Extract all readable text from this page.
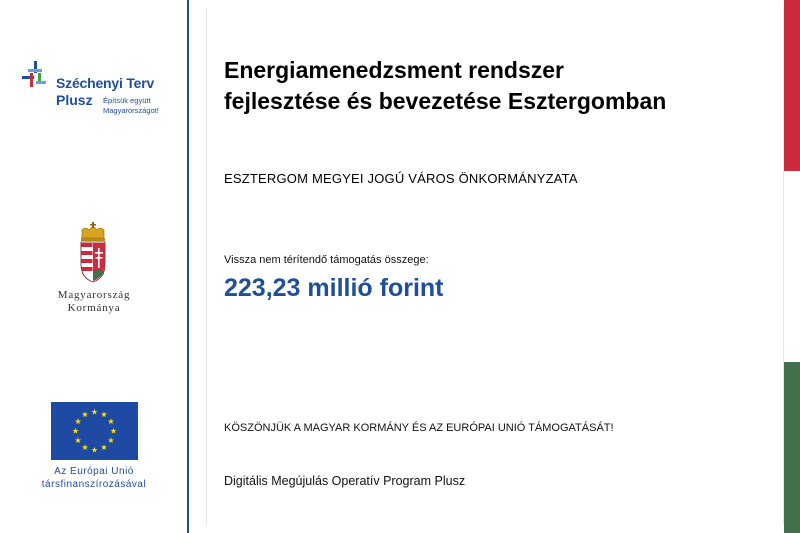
Széchenyi Terv
Plusz Építsük együtt
Magyarországot!
Magyarország
Kormánya
Az Európai Unió
társfinanszírozásával
Energiamenedzsment rendszer
fejlesztése és bevezetése Esztergomban
ESZTERGOM MEGYEI JOGÚ VÁROS ÖNKORMÁNYZATA
Vissza nem térítendő támogatás összege:
223,23 millió forint
KÖSZÖNJÜK A MAGYAR KORMÁNY ÉS AZ EURÓPAI UNIÓ TÁMOGATÁSÁT!
Digitális Megújulás Operatív Program Plusz
